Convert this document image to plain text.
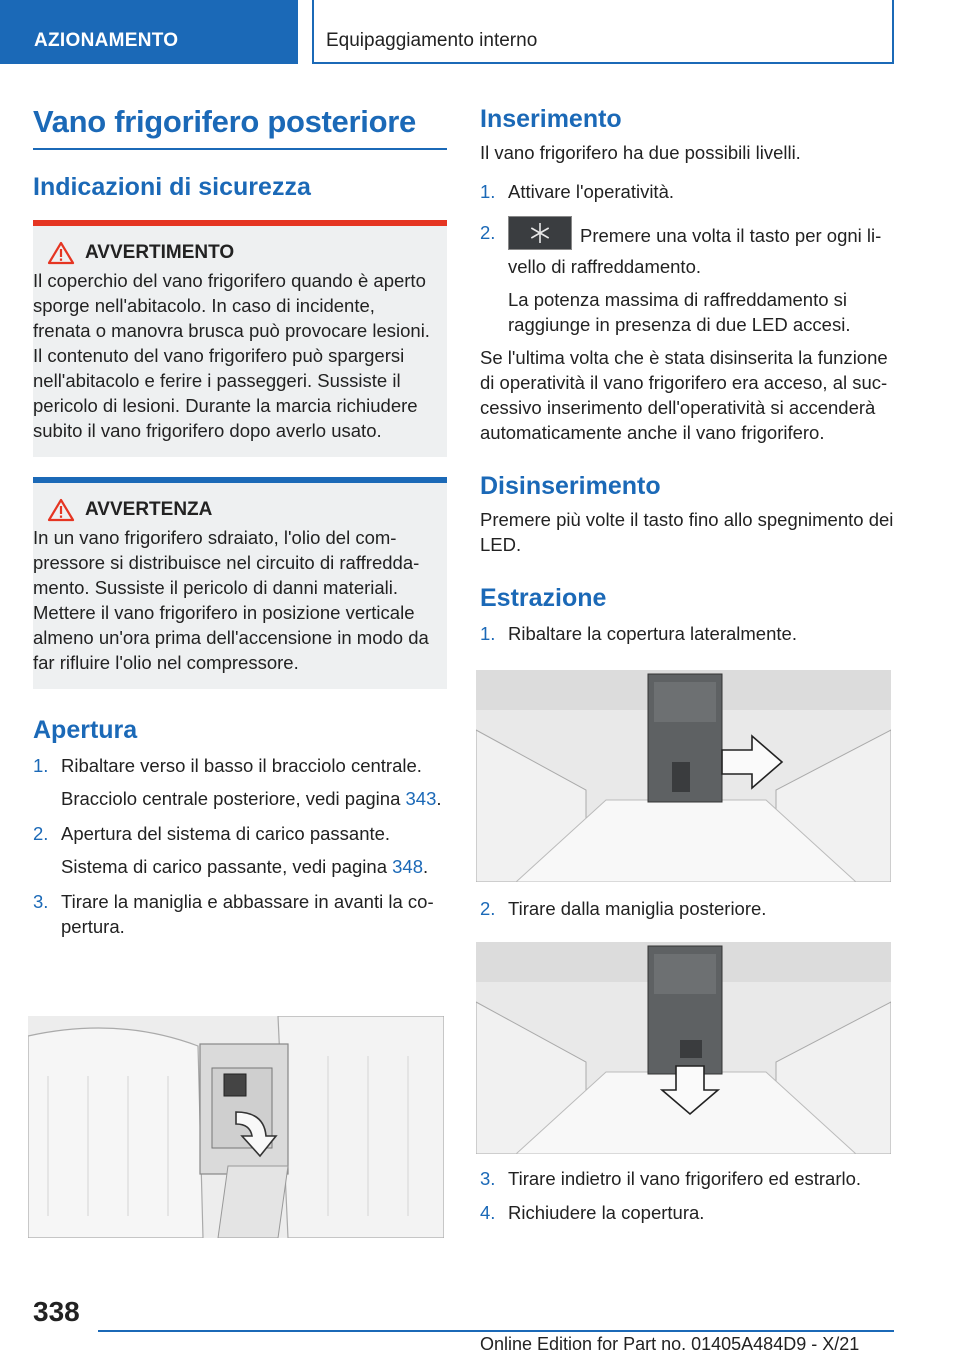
AZIONAMENTO	Equipaggiamento interno
Vano frigorifero posteriore
Indicazioni di sicurezza
AVVERTIMENTO

Il coperchio del vano frigorifero quando è aperto sporge nell'abitacolo. In caso di incidente, frenata o manovra brusca può provocare lesioni. Il contenuto del vano frigorifero può spargersi nell'abitacolo e ferire i passeggeri. Sussiste il pericolo di lesioni. Durante la marcia richiudere subito il vano frigorifero dopo averlo usato.

AVVERTENZA

In un vano frigorifero sdraiato, l'olio del compressore si distribuisce nel circuito di raffreddamento. Sussiste il pericolo di danni materiali. Mettere il vano frigorifero in posizione verticale almeno un'ora prima dell'accensione in modo da far rifluire l'olio nel compressore.

Apertura
1. Ribaltare verso il basso il bracciolo centrale.
Bracciolo centrale posteriore, vedi pagina 343.
2. Apertura del sistema di carico passante.
Sistema di carico passante, vedi pagina 348.
3. Tirare la maniglia e abbassare in avanti la copertura.
Inserimento

Il vano frigorifero ha due possibili livelli.

1. Attivare l'operatività.
2.	Premere una volta il tasto per ogni livello di raffreddamento.
La potenza massima di raffreddamento si raggiunge in presenza di due LED accesi.

Se l'ultima volta che è stata disinserita la funzione di operatività il vano frigorifero era acceso, al successivo inserimento dell'operatività si accenderà automaticamente anche il vano frigorifero.

Disinserimento

Premere più volte il tasto fino allo spegnimento dei LED.

Estrazione
1. Ribaltare la copertura lateralmente.
2. Tirare dalla maniglia posteriore.
3. Tirare indietro il vano frigorifero ed estrarlo.
4. Richiudere la copertura.
338
Online Edition for Part no. 01405A484D9 - X/21
